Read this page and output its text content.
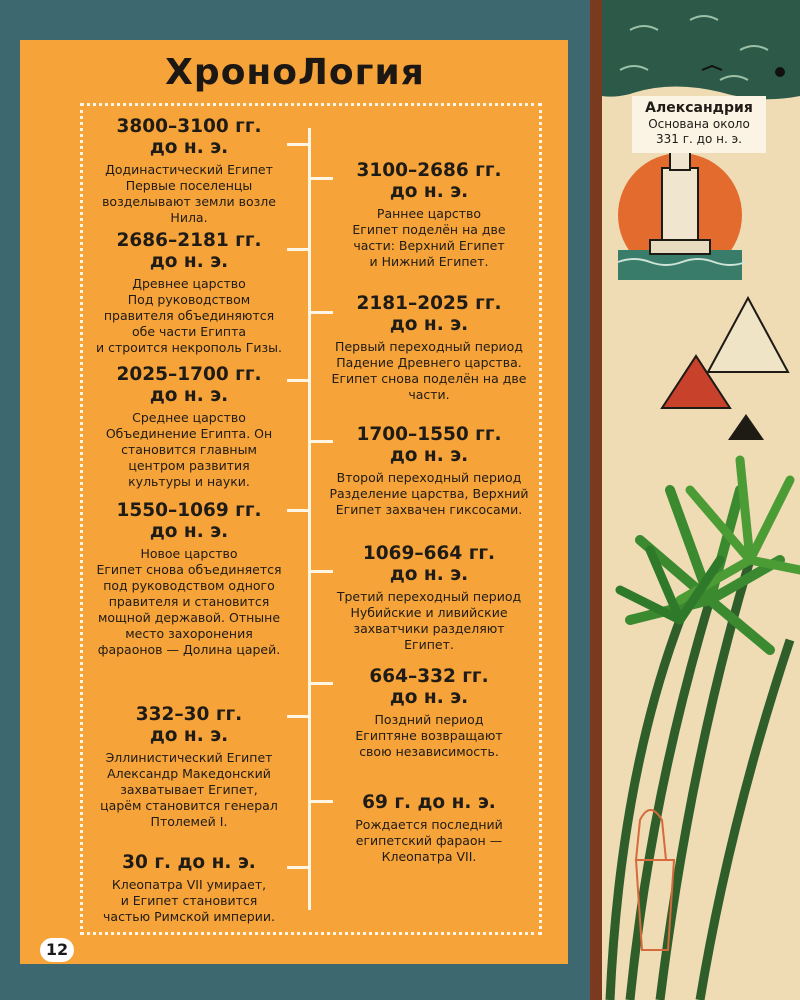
ХроноЛогия
3800–3100 гг.
до н. э.
Додинастический Египет
Первые поселенцы
возделывают земли возле
Нила.
2686–2181 гг.
до н. э.
Древнее царство
Под руководством
правителя объединяются
обе части Египта
и строится некрополь Гизы.
2025–1700 гг.
до н. э.
Среднее царство
Объединение Египта. Он
становится главным
центром развития
культуры и науки.
1550–1069 гг.
до н. э.
Новое царство
Египет снова объединяется
под руководством одного
правителя и становится
мощной державой. Отныне
место захоронения
фараонов — Долина царей.
332–30 гг.
до н. э.
Эллинистический Египет
Александр Македонский
захватывает Египет,
царём становится генерал
Птолемей I.
30 г. до н. э.
Клеопатра VII умирает,
и Египет становится
частью Римской империи.
3100–2686 гг.
до н. э.
Раннее царство
Египет поделён на две
части: Верхний Египет
и Нижний Египет.
2181–2025 гг.
до н. э.
Первый переходный период
Падение Древнего царства.
Египет снова поделён на две
части.
1700–1550 гг.
до н. э.
Второй переходный период
Разделение царства, Верхний
Египет захвачен гиксосами.
1069–664 гг.
до н. э.
Третий переходный период
Нубийские и ливийские
захватчики разделяют
Египет.
664–332 гг.
до н. э.
Поздний период
Египтяне возвращают
свою независимость.
69 г. до н. э.
Рождается последний
египетский фараон —
Клеопатра VII.
12
Александрия
Основана около
331 г. до н. э.
